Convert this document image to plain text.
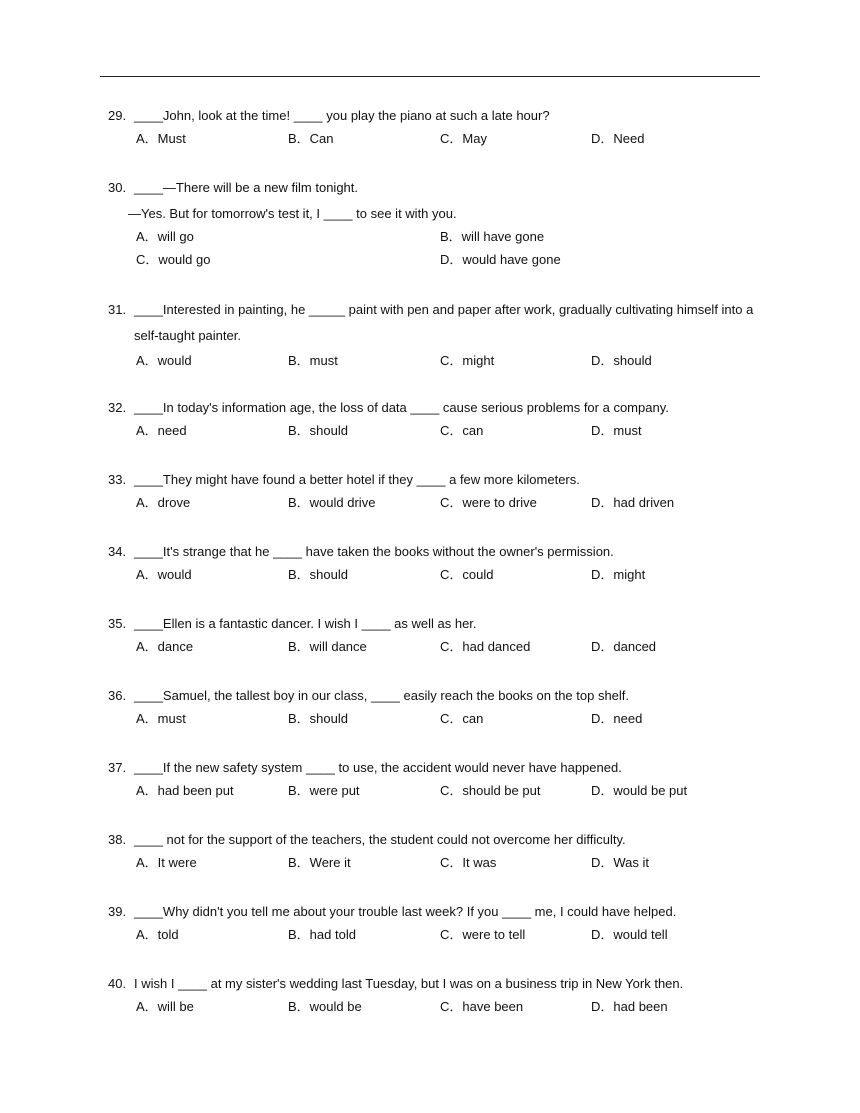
29. ____John, look at the time! ____ you play the piano at such a late hour?
A．Must	B．Can	C．May	D．Need
30. ____—There will be a new film tonight.
—Yes. But for tomorrow's test it, I ____ to see it with you.
A．will go	B．will have gone
C．would go	D．would have gone
31. ____Interested in painting, he _____ paint with pen and paper after work, gradually cultivating himself into a self-taught painter.
A．would	B．must	C．might	D．should
32. ____In today's information age, the loss of data ____ cause serious problems for a company.
A．need	B．should	C．can	D．must
33. ____They might have found a better hotel if they ____ a few more kilometers.
A．drove	B．would drive	C．were to drive	D．had driven
34. ____It's strange that he ____ have taken the books without the owner's permission.
A．would	B．should	C．could	D．might
35. ____Ellen is a fantastic dancer. I wish I ____ as well as her.
A．dance	B．will dance	C．had danced	D．danced
36. ____Samuel, the tallest boy in our class, ____ easily reach the books on the top shelf.
A．must	B．should	C．can	D．need
37. ____If the new safety system ____ to use, the accident would never have happened.
A．had been put	B．were put	C．should be put	D．would be put
38. ____ not for the support of the teachers, the student could not overcome her difficulty.
A．It were	B．Were it	C．It was	D．Was it
39. ____Why didn't you tell me about your trouble last week? If you ____ me, I could have helped.
A．told	B．had told	C．were to tell	D．would tell
40. I wish I ____ at my sister's wedding last Tuesday, but I was on a business trip in New York then.
A．will be	B．would be	C．have been	D．had been
